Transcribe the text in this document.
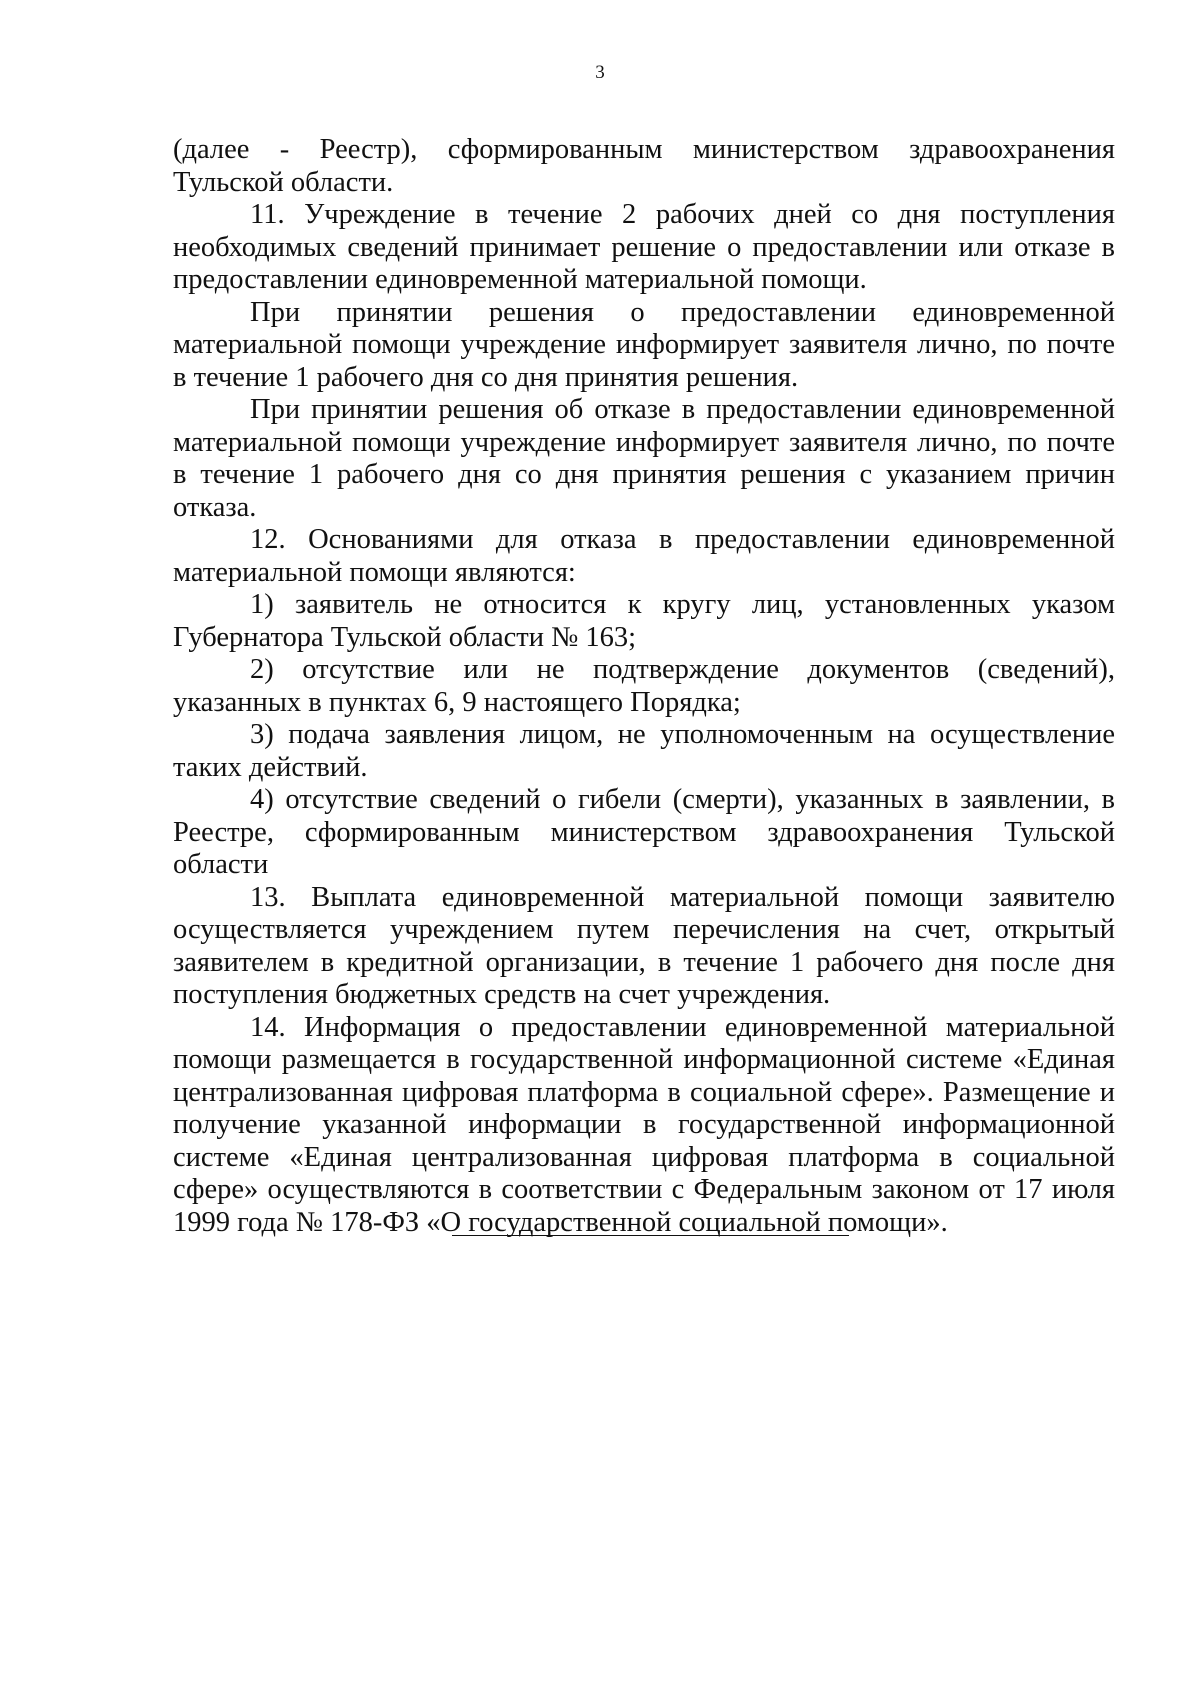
3

(далее - Реестр), сформированным министерством здравоохранения Тульской области.

11. Учреждение в течение 2 рабочих дней со дня поступления необходимых сведений принимает решение о предоставлении или отказе в предоставлении единовременной материальной помощи.

При принятии решения о предоставлении единовременной материальной помощи учреждение информирует заявителя лично, по почте в течение 1 рабочего дня со дня принятия решения.

При принятии решения об отказе в предоставлении единовременной материальной помощи учреждение информирует заявителя лично, по почте в течение 1 рабочего дня со дня принятия решения с указанием причин отказа.

12. Основаниями для отказа в предоставлении единовременной материальной помощи являются:

1) заявитель не относится к кругу лиц, установленных указом Губернатора Тульской области № 163;

2) отсутствие или не подтверждение документов (сведений), указанных в пунктах 6, 9 настоящего Порядка;

3) подача заявления лицом, не уполномоченным на осуществление таких действий.

4) отсутствие сведений о гибели (смерти), указанных в заявлении, в Реестре, сформированным министерством здравоохранения Тульской области

13. Выплата единовременной материальной помощи заявителю осуществляется учреждением путем перечисления на счет, открытый заявителем в кредитной организации, в течение 1 рабочего дня после дня поступления бюджетных средств на счет учреждения.

14. Информация о предоставлении единовременной материальной помощи размещается в государственной информационной системе «Единая централизованная цифровая платформа в социальной сфере». Размещение и получение указанной информации в государственной информационной системе «Единая централизованная цифровая платформа в социальной сфере» осуществляются в соответствии с Федеральным законом от 17 июля 1999 года № 178-ФЗ «О государственной социальной помощи».
